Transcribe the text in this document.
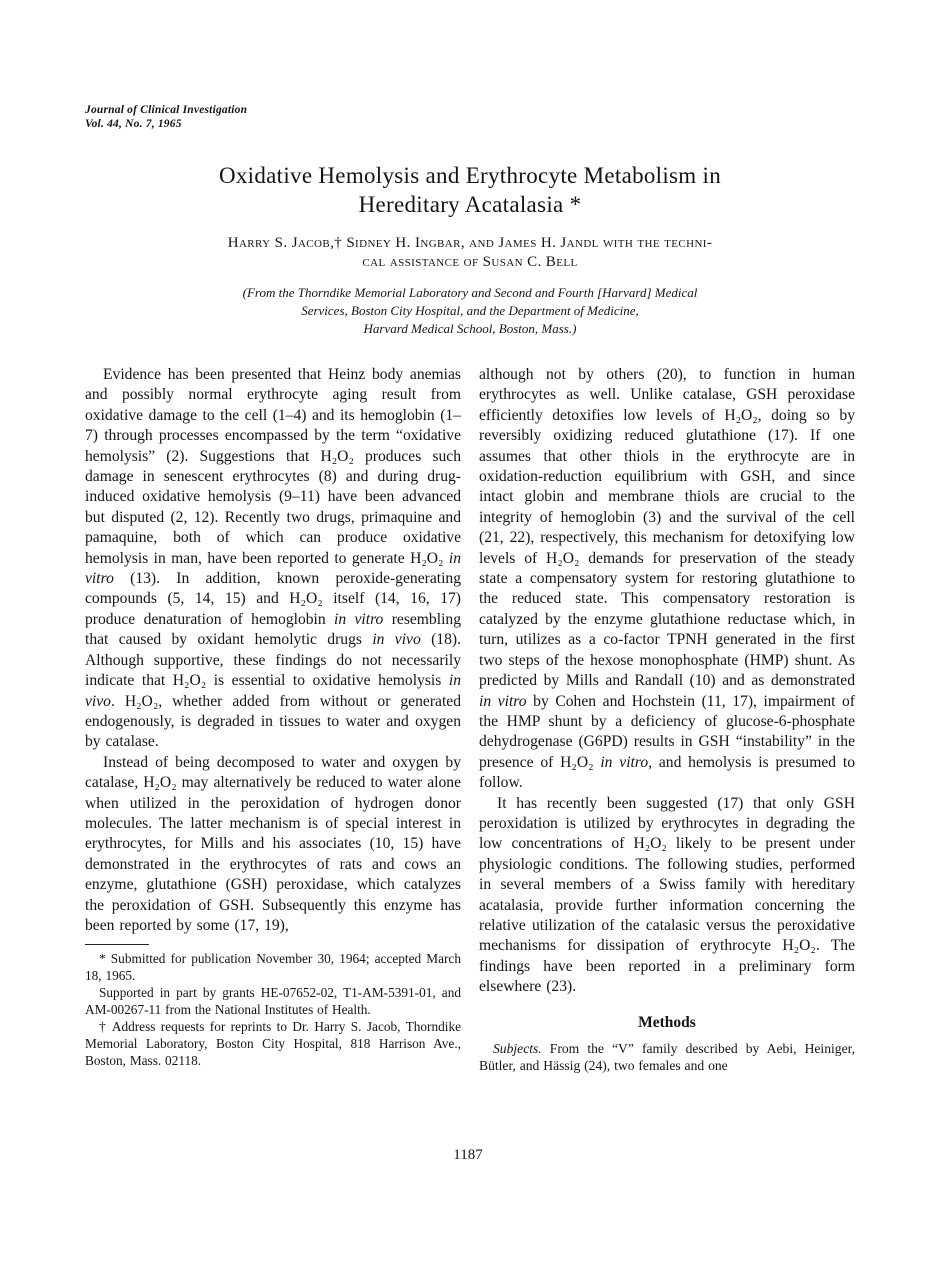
Journal of Clinical Investigation
Vol. 44, No. 7, 1965
Oxidative Hemolysis and Erythrocyte Metabolism in
Hereditary Acatalasia *
Harry S. Jacob,† Sidney H. Ingbar, and James H. Jandl with the techni-
cal assistance of Susan C. Bell
(From the Thorndike Memorial Laboratory and Second and Fourth [Harvard] Medical
Services, Boston City Hospital, and the Department of Medicine,
Harvard Medical School, Boston, Mass.)

Evidence has been presented that Heinz body anemias and possibly normal erythrocyte aging result from oxidative damage to the cell (1–4) and its hemoglobin (1–7) through processes encompassed by the term “oxidative hemolysis” (2). Suggestions that H₂O₂ produces such damage in senescent erythrocytes (8) and during drug-induced oxidative hemolysis (9–11) have been advanced but disputed (2, 12). Recently two drugs, primaquine and pamaquine, both of which can produce oxidative hemolysis in man, have been reported to generate H₂O₂ in vitro (13). In addition, known peroxide-generating compounds (5, 14, 15) and H₂O₂ itself (14, 16, 17) produce denaturation of hemoglobin in vitro resembling that caused by oxidant hemolytic drugs in vivo (18). Although supportive, these findings do not necessarily indicate that H₂O₂ is essential to oxidative hemolysis in vivo. H₂O₂, whether added from without or generated endogenously, is degraded in tissues to water and oxygen by catalase.

Instead of being decomposed to water and oxygen by catalase, H₂O₂ may alternatively be reduced to water alone when utilized in the peroxidation of hydrogen donor molecules. The latter mechanism is of special interest in erythrocytes, for Mills and his associates (10, 15) have demonstrated in the erythrocytes of rats and cows an enzyme, glutathione (GSH) peroxidase, which catalyzes the peroxidation of GSH. Subsequently this enzyme has been reported by some (17, 19),

* Submitted for publication November 30, 1964; accepted March 18, 1965.

Supported in part by grants HE-07652-02, T1-AM-5391-01, and AM-00267-11 from the National Institutes of Health.

† Address requests for reprints to Dr. Harry S. Jacob, Thorndike Memorial Laboratory, Boston City Hospital, 818 Harrison Ave., Boston, Mass. 02118.

although not by others (20), to function in human erythrocytes as well. Unlike catalase, GSH peroxidase efficiently detoxifies low levels of H₂O₂, doing so by reversibly oxidizing reduced glutathione (17). If one assumes that other thiols in the erythrocyte are in oxidation-reduction equilibrium with GSH, and since intact globin and membrane thiols are crucial to the integrity of hemoglobin (3) and the survival of the cell (21, 22), respectively, this mechanism for detoxifying low levels of H₂O₂ demands for preservation of the steady state a compensatory system for restoring glutathione to the reduced state. This compensatory restoration is catalyzed by the enzyme glutathione reductase which, in turn, utilizes as a co-factor TPNH generated in the first two steps of the hexose monophosphate (HMP) shunt. As predicted by Mills and Randall (10) and as demonstrated in vitro by Cohen and Hochstein (11, 17), impairment of the HMP shunt by a deficiency of glucose-6-phosphate dehydrogenase (G6PD) results in GSH “instability” in the presence of H₂O₂ in vitro, and hemolysis is presumed to follow.

It has recently been suggested (17) that only GSH peroxidation is utilized by erythrocytes in degrading the low concentrations of H₂O₂ likely to be present under physiologic conditions. The following studies, performed in several members of a Swiss family with hereditary acatalasia, provide further information concerning the relative utilization of the catalasic versus the peroxidative mechanisms for dissipation of erythrocyte H₂O₂. The findings have been reported in a preliminary form elsewhere (23).

Methods

Subjects. From the “V” family described by Aebi, Heiniger, Bütler, and Hässig (24), two females and one

1187
